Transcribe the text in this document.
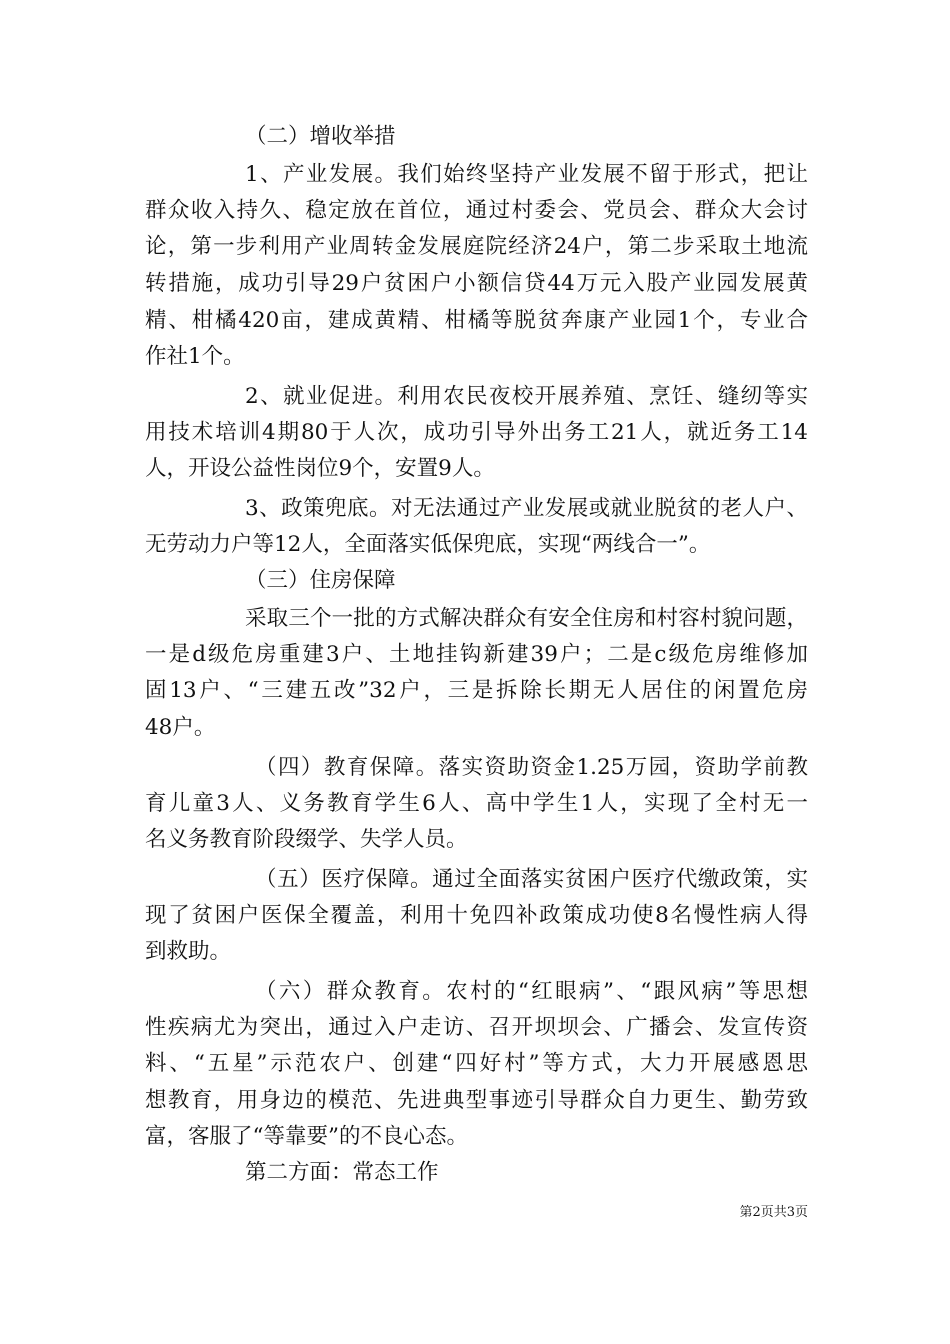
（二）增收举措
1、产业发展。我们始终坚持产业发展不留于形式，把让
群众收入持久、稳定放在首位，通过村委会、党员会、群众大会讨
论，第一步利用产业周转金发展庭院经济24户，第二步采取土地流
转措施，成功引导29户贫困户小额信贷44万元入股产业园发展黄
精、柑橘420亩，建成黄精、柑橘等脱贫奔康产业园1个，专业合
作社1个。
2、就业促进。利用农民夜校开展养殖、烹饪、缝纫等实
用技术培训4期80于人次，成功引导外出务工21人，就近务工14
人，开设公益性岗位9个，安置9人。
3、政策兜底。对无法通过产业发展或就业脱贫的老人户、
无劳动力户等12人，全面落实低保兜底，实现“两线合一”。
（三）住房保障
采取三个一批的方式解决群众有安全住房和村容村貌问题，
一是d级危房重建3户、土地挂钩新建39户；二是c级危房维修加
固13户、“三建五改”32户，三是拆除长期无人居住的闲置危房
48户。
（四）教育保障。落实资助资金1.25万园，资助学前教
育儿童3人、义务教育学生6人、高中学生1人，实现了全村无一
名义务教育阶段缀学、失学人员。
（五）医疗保障。通过全面落实贫困户医疗代缴政策，实
现了贫困户医保全覆盖，利用十免四补政策成功使8名慢性病人得
到救助。
（六）群众教育。农村的“红眼病”、“跟风病”等思想
性疾病尤为突出，通过入户走访、召开坝坝会、广播会、发宣传资
料、“五星”示范农户、创建“四好村”等方式，大力开展感恩思
想教育，用身边的模范、先进典型事迹引导群众自力更生、勤劳致
富，客服了“等靠要”的不良心态。
第二方面：常态工作
第2页共3页
